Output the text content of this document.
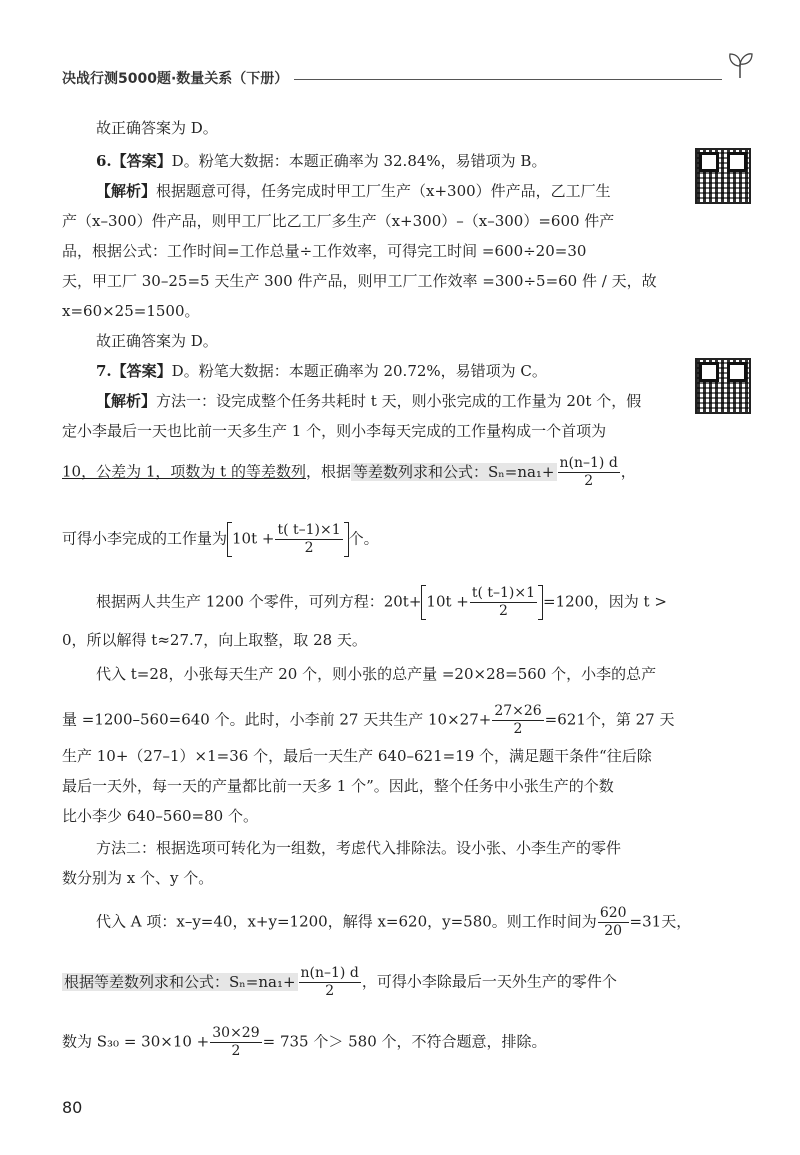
决战行测5000题·数量关系（下册）
故正确答案为 D。
6.【答案】D。粉笔大数据：本题正确率为 32.84%，易错项为 B。
【解析】根据题意可得，任务完成时甲工厂生产（x+300）件产品，乙工厂生
产（x–300）件产品，则甲工厂比乙工厂多生产（x+300）–（x–300）=600 件产
品，根据公式：工作时间=工作总量÷工作效率，可得完工时间 =600÷20=30
天，甲工厂 30–25=5 天生产 300 件产品，则甲工厂工作效率 =300÷5=60 件 / 天，故
x=60×25=1500。
故正确答案为 D。
7.【答案】D。粉笔大数据：本题正确率为 20.72%，易错项为 C。
【解析】方法一：设完成整个任务共耗时 t 天，则小张完成的工作量为 20t 个，假
定小李最后一天也比前一天多生产 1 个，则小李每天完成的工作量构成一个首项为
10，公差为 1，项数为 t 的等差数列，根据 等差数列求和公式：$S_n=na_1+ \frac{n(n-1) d}{2}$ ，
可得小李完成的工作量为 $10t + \frac{t( t-1)\times 1}{2}$ 个。
根据两人共生产 1200 个零件，可列方程：$20t+ 10t + \frac{t( t-1)\times 1}{2} =1200$，因为 t >
0，所以解得 t≈27.7，向上取整，取 28 天。
代入 t=28，小张每天生产 20 个，则小张的总产量 =20×28=560 个，小李的总产
量 =1200–560=640 个。此时，小李前 27 天共生产 $10\times 27+ \frac{27\times 26}{2} =621$个，第 27 天
生产 10+（27–1）×1=36 个，最后一天生产 640–621=19 个，满足题干条件“往后除
最后一天外，每一天的产量都比前一天多 1 个”。因此，整个任务中小张生产的个数
比小李少 640–560=80 个。
方法二：根据选项可转化为一组数，考虑代入排除法。设小张、小李生产的零件
数分别为 x 个、y 个。
代入 A 项：x–y=40，x+y=1200，解得 x=620，y=580。则工作时间为 $\frac{620}{20} =31$天，
根据等差数列求和公式：$S_n=na_1+ \frac{n(n-1) d}{2}$ ，可得小李除最后一天外生产的零件个
数为 $S_{30} = 30\times 10 + \frac{30\times 29}{2} = 735$ 个＞ 580 个，不符合题意，排除。
80
